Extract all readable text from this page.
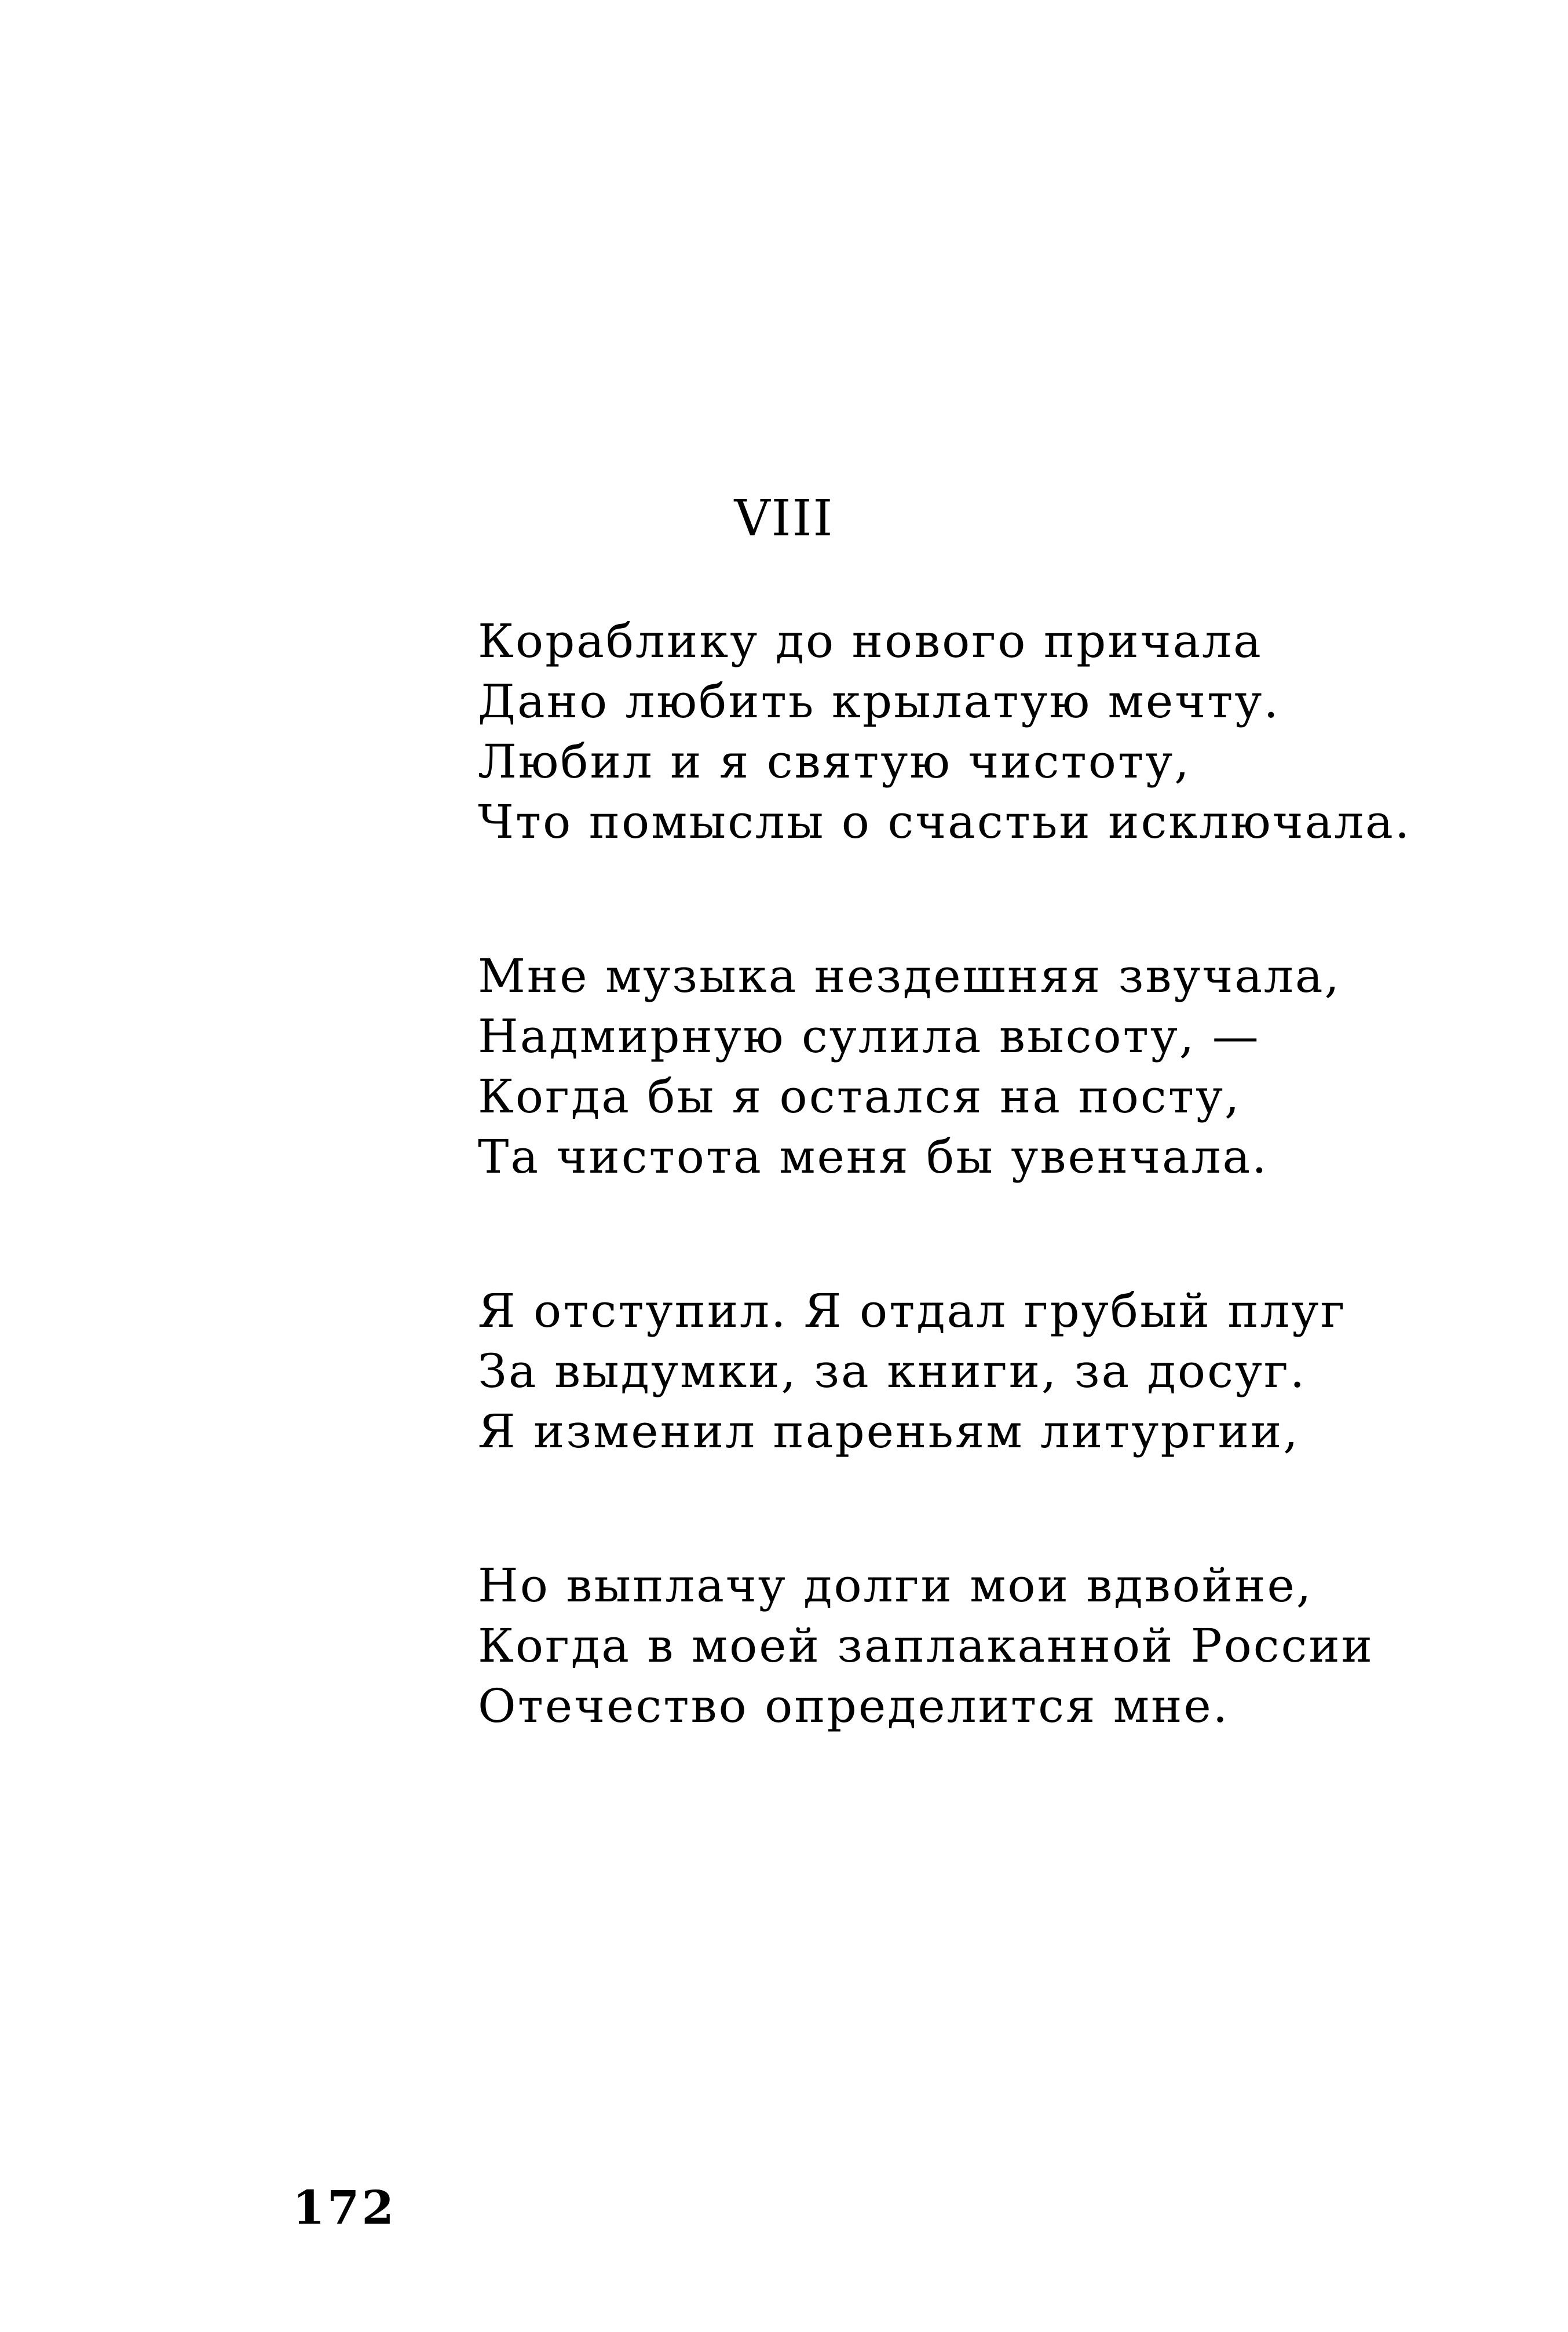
VIII
Кораблику до нового причала
Дано любить крылатую мечту.
Любил и я святую чистоту,
Что помыслы о счастьи исключала.
Мне музыка нездешняя звучала,
Надмирную сулила высоту, —
Когда бы я остался на посту,
Та чистота меня бы увенчала.
Я отступил. Я отдал грубый плуг
За выдумки, за книги, за досуг.
Я изменил пареньям литургии,
Но выплачу долги мои вдвойне,
Когда в моей заплаканной России
Отечество определится мне.
172
